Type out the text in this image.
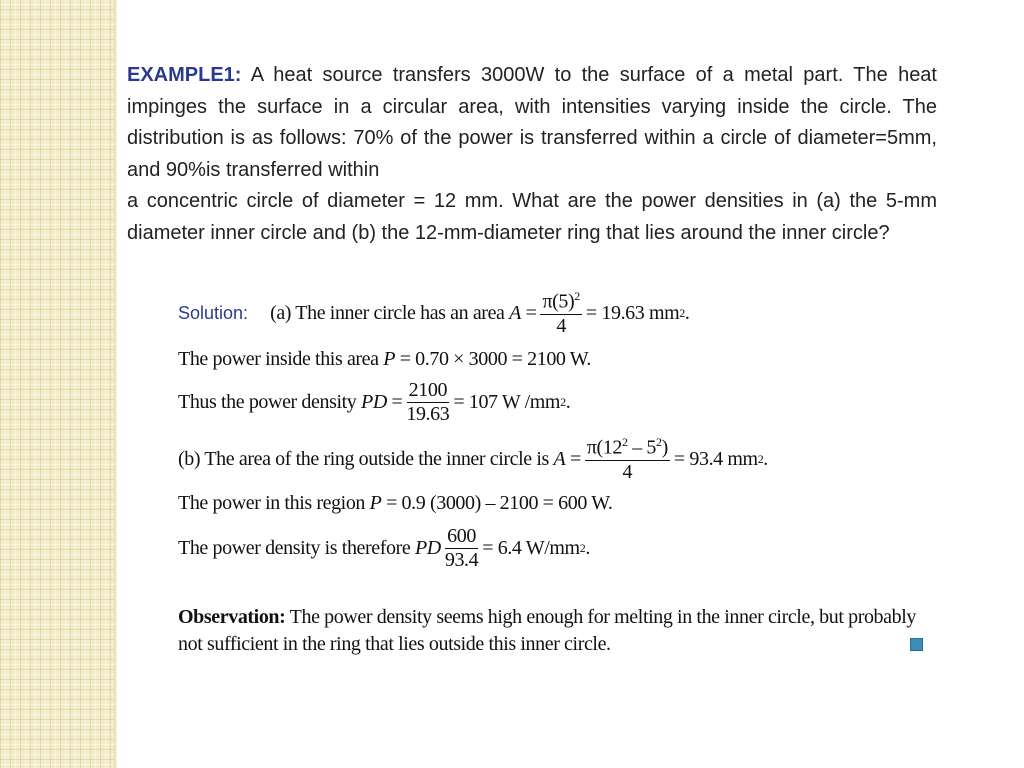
EXAMPLE1: A heat source transfers 3000W to the surface of a metal part. The heat impinges the surface in a circular area, with intensities varying inside the circle. The distribution is as follows: 70% of the power is transferred within a circle of diameter=5mm, and 90%is transferred within

a concentric circle of diameter = 12 mm. What are the power densities in (a) the 5-mm diameter inner circle and (b) the 12-mm-diameter ring that lies around the inner circle?

Solution: (a) The inner circle has an area
$A = \frac{\pi(5)^2}{4} = 19.63$ mm 2 .
The power inside this area
P
= 0.70 × 3000 = 2100 W.
Thus the power density
PD = $\frac{2100}{19.63} = 107$ W /mm 2 .
(b) The area of the ring outside the inner circle is
$A = \frac{\pi(12^2 - 5^2)}{4} = 93.4$ mm 2 .
The power in this region
P
= 0.9 (3000) – 2100 = 600 W.
The power density is therefore
PD $\frac{600}{93.4} = 6.4$ W/mm 2 .
Observation: The power density seems high enough for melting in the inner circle, but probably not sufficient in the ring that lies outside this inner circle.
